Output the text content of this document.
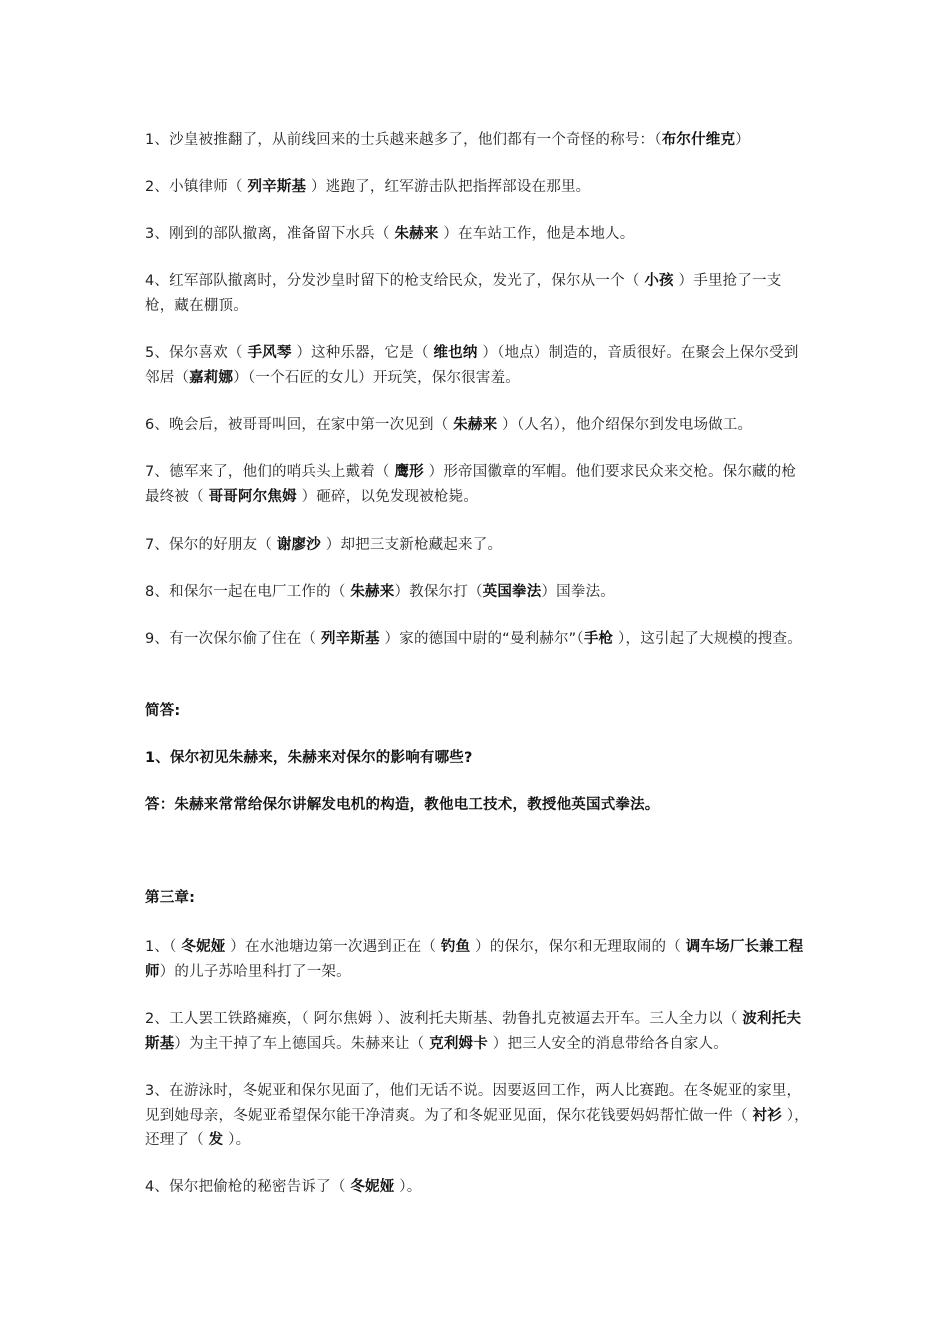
1、沙皇被推翻了，从前线回来的士兵越来越多了，他们都有一个奇怪的称号：（布尔什维克）

2、小镇律师（ 列辛斯基 ）逃跑了，红军游击队把指挥部设在那里。

3、刚到的部队撤离，准备留下水兵（ 朱赫来 ）在车站工作，他是本地人。

4、红军部队撤离时，分发沙皇时留下的枪支给民众，发光了，保尔从一个（ 小孩 ）手里抢了一支枪，藏在棚顶。

5、保尔喜欢（ 手风琴 ）这种乐器，它是（ 维也纳 ）（地点）制造的，音质很好。在聚会上保尔受到邻居（嘉莉娜）（一个石匠的女儿）开玩笑，保尔很害羞。

6、晚会后，被哥哥叫回，在家中第一次见到（ 朱赫来 ）（人名），他介绍保尔到发电场做工。

7、德军来了，他们的哨兵头上戴着（ 鹰形 ）形帝国徽章的军帽。他们要求民众来交枪。保尔藏的枪最终被（ 哥哥阿尔焦姆 ）砸碎，以免发现被枪毙。

7、保尔的好朋友（ 谢廖沙 ）却把三支新枪藏起来了。

8、和保尔一起在电厂工作的（ 朱赫来）教保尔打（英国拳法）国拳法。

9、有一次保尔偷了住在（ 列辛斯基 ）家的德国中尉的“曼利赫尔”（手枪 ），这引起了大规模的搜查。

简答:

1、保尔初见朱赫来，朱赫来对保尔的影响有哪些?

答：朱赫来常常给保尔讲解发电机的构造，教他电工技术，教授他英国式拳法。

第三章:

1、（ 冬妮娅 ）在水池塘边第一次遇到正在（ 钓鱼 ）的保尔，保尔和无理取闹的（ 调车场厂长兼工程师）的儿子苏哈里科打了一架。

2、工人罢工铁路瘫痪，（ 阿尔焦姆 ）、波利托夫斯基、勃鲁扎克被逼去开车。三人全力以（ 波利托夫斯基）为主干掉了车上德国兵。朱赫来让（ 克利姆卡 ）把三人安全的消息带给各自家人。

3、在游泳时，冬妮亚和保尔见面了，他们无话不说。因要返回工作，两人比赛跑。在冬妮亚的家里，见到她母亲，冬妮亚希望保尔能干净清爽。为了和冬妮亚见面，保尔花钱要妈妈帮忙做一件（ 衬衫 ），还理了（ 发 ）。

4、保尔把偷枪的秘密告诉了（ 冬妮娅 ）。
